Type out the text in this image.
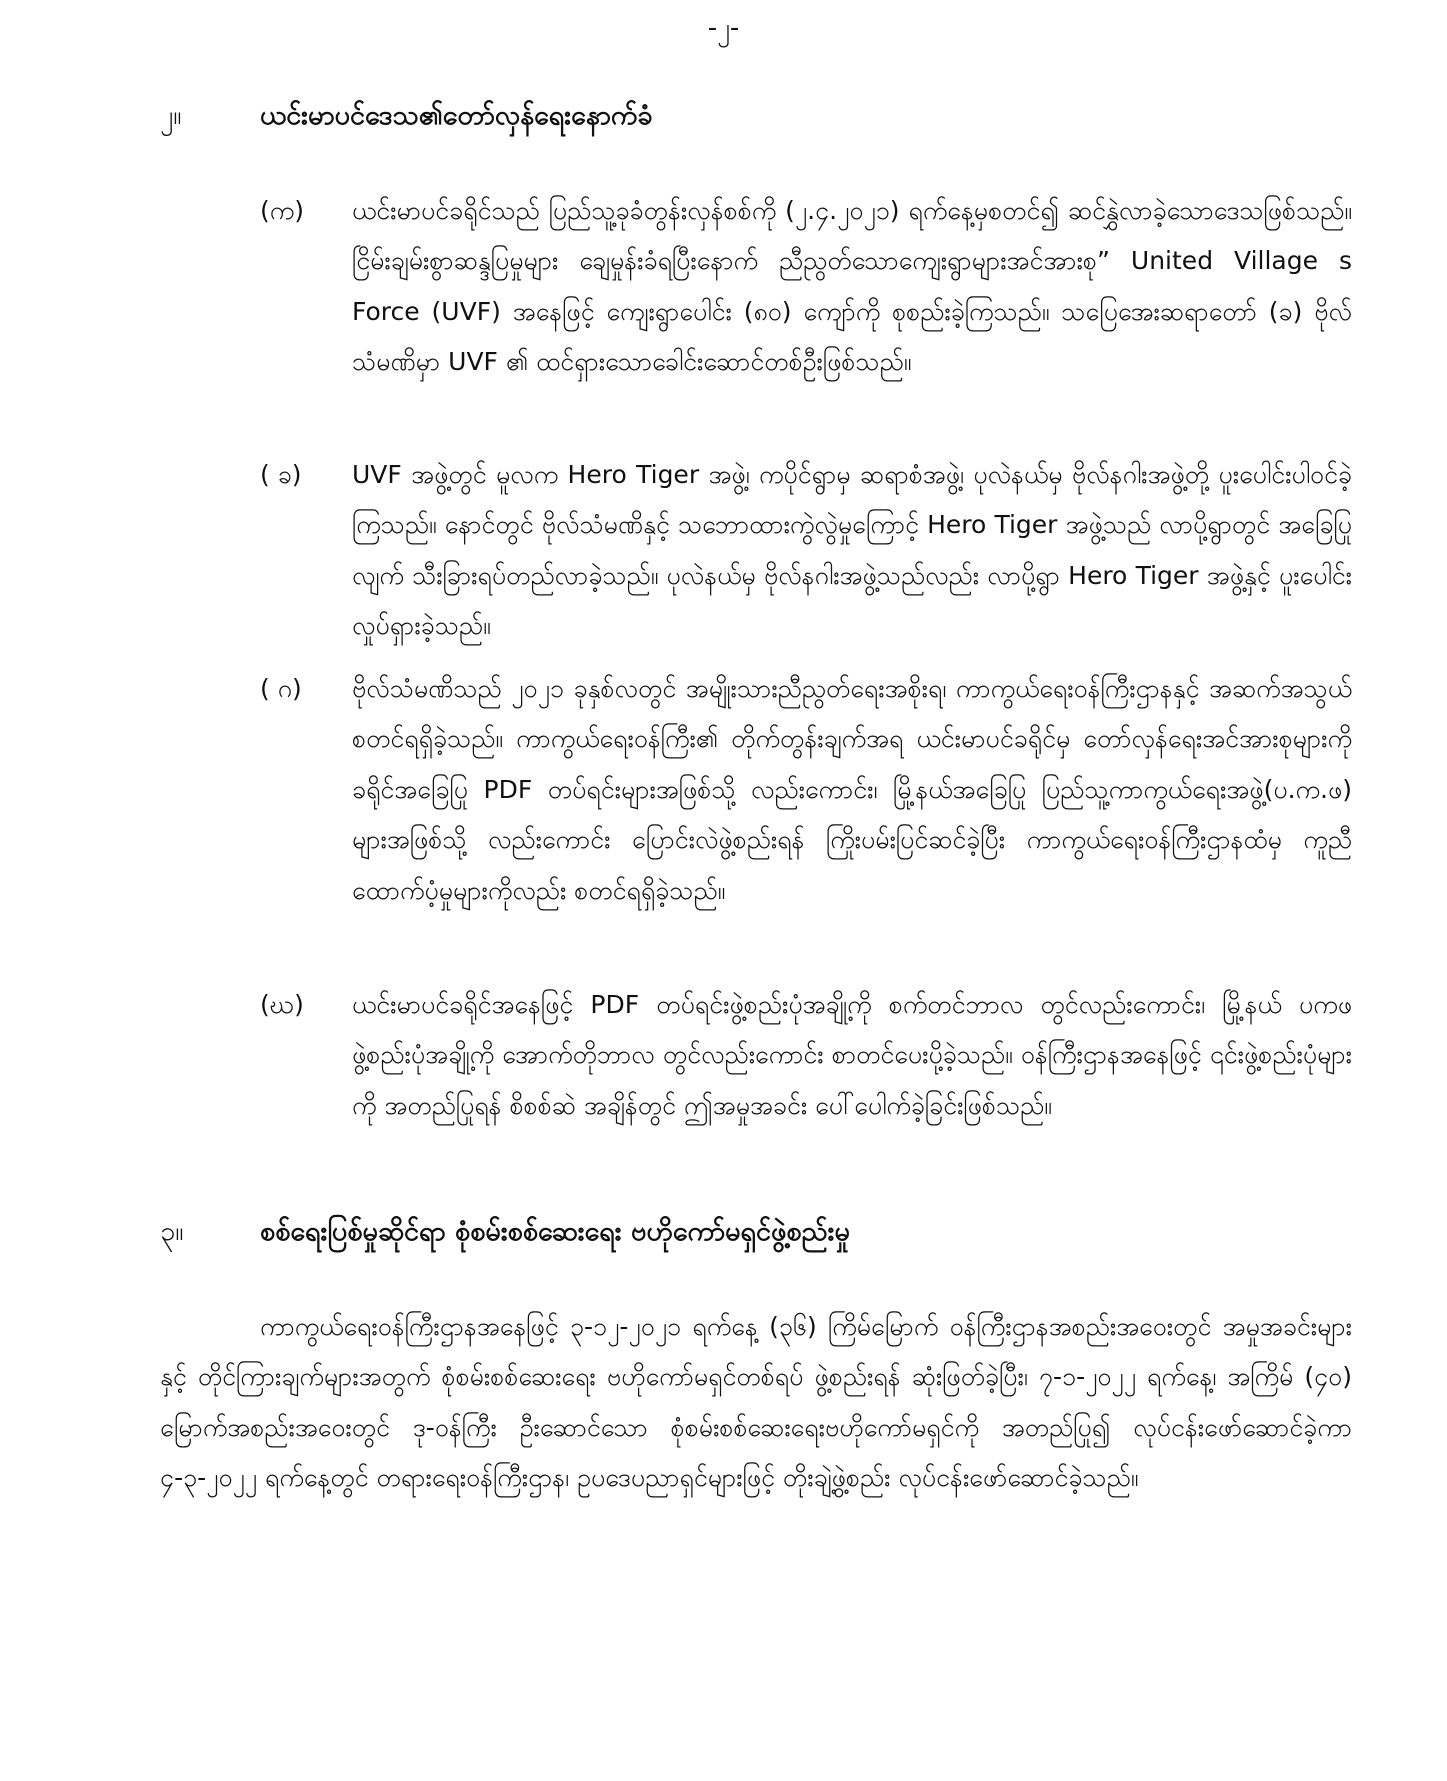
-၂-
၂။	ယင်းမာပင်ဒေသ၏တော်လှန်ရေးနောက်ခံ
(က)	ယင်းမာပင်ခရိုင်သည် ပြည်သူ့ခုခံတွန်းလှန်စစ်ကို (၂.၄.၂၀၂၁) ရက်နေ့မှစတင်၍ ဆင်နွှဲလာခဲ့သောဒေသဖြစ်သည်။ ငြိမ်းချမ်းစွာဆန္ဒပြမှုများ ချေမှုန်းခံရပြီးနောက် ညီညွတ်သောကျေးရွာများအင်အားစု” United Village s Force (UVF) အနေဖြင့် ကျေးရွာပေါင်း (၈၀) ကျော်ကို စုစည်းခဲ့ကြသည်။ သပြေအေးဆရာတော် (ခ) ဗိုလ်သံမဏိမှာ UVF ၏ ထင်ရှားသောခေါင်းဆောင်တစ်ဦးဖြစ်သည်။
( ခ)	UVF အဖွဲ့တွင် မူလက Hero Tiger အဖွဲ့၊ ကပိုင်ရွာမှ ဆရာစံအဖွဲ့၊ ပုလဲနယ်မှ ဗိုလ်နဂါးအဖွဲ့တို့ ပူးပေါင်းပါဝင်ခဲ့ကြသည်။ နောင်တွင် ဗိုလ်သံမဏိနှင့် သဘောထားကွဲလွဲမှုကြောင့် Hero Tiger အဖွဲ့သည် လာပို့ရွာတွင် အခြေပြုလျက် သီးခြားရပ်တည်လာခဲ့သည်။ ပုလဲနယ်မှ ဗိုလ်နဂါးအဖွဲ့သည်လည်း လာပို့ရွာ Hero Tiger အဖွဲ့နှင့် ပူးပေါင်းလှုပ်ရှားခဲ့သည်။
( ဂ)	ဗိုလ်သံမဏိသည် ၂၀၂၁ ခုနှစ်လတွင် အမျိုးသားညီညွတ်ရေးအစိုးရ၊ ကာကွယ်ရေးဝန်ကြီးဌာနနှင့် အဆက်အသွယ် စတင်ရရှိခဲ့သည်။ ကာကွယ်ရေးဝန်ကြီး၏ တိုက်တွန်းချက်အရ ယင်းမာပင်ခရိုင်မှ တော်လှန်ရေးအင်အားစုများကို ခရိုင်အခြေပြု PDF တပ်ရင်းများအဖြစ်သို့ လည်းကောင်း၊ မြို့နယ်အခြေပြု ပြည်သူ့ကာကွယ်ရေးအဖွဲ့(ပ.က.ဖ) များအဖြစ်သို့ လည်းကောင်း ပြောင်းလဲဖွဲ့စည်းရန် ကြိုးပမ်းပြင်ဆင်ခဲ့ပြီး ကာကွယ်ရေးဝန်ကြီးဌာနထံမှ ကူညီထောက်ပံ့မှုများကိုလည်း စတင်ရရှိခဲ့သည်။
(ဃ)	ယင်းမာပင်ခရိုင်အနေဖြင့် PDF တပ်ရင်းဖွဲ့စည်းပုံအချို့ကို စက်တင်ဘာလ တွင်လည်းကောင်း၊ မြို့နယ် ပကဖ ဖွဲ့စည်းပုံအချို့ကို အောက်တိုဘာလ တွင်လည်းကောင်း စာတင်ပေးပို့ခဲ့သည်။ ဝန်ကြီးဌာနအနေဖြင့် ၎င်းဖွဲ့စည်းပုံများကို အတည်ပြုရန် စိစစ်ဆဲ အချိန်တွင် ဤအမှုအခင်း ပေါ်ပေါက်ခဲ့ခြင်းဖြစ်သည်။
၃။	စစ်ရေးပြစ်မှုဆိုင်ရာ စုံစမ်းစစ်ဆေးရေး ဗဟိုကော်မရှင်ဖွဲ့စည်းမှု
ကာကွယ်ရေးဝန်ကြီးဌာနအနေဖြင့် ၃-၁၂-၂၀၂၁ ရက်နေ့ (၃၆) ကြိမ်မြောက် ဝန်ကြီးဌာနအစည်းအဝေးတွင် အမှုအခင်းများနှင့် တိုင်ကြားချက်များအတွက် စုံစမ်းစစ်ဆေးရေး ဗဟိုကော်မရှင်တစ်ရပ် ဖွဲ့စည်းရန် ဆုံးဖြတ်ခဲ့ပြီး၊ ၇-၁-၂၀၂၂ ရက်နေ့၊ အကြိမ် (၄၀) မြောက်အစည်းအဝေးတွင် ဒု-ဝန်ကြီး ဦးဆောင်သော စုံစမ်းစစ်ဆေးရေးဗဟိုကော်မရှင်ကို အတည်ပြု၍ လုပ်ငန်းဖော်ဆောင်ခဲ့ကာ ၄-၃-၂၀၂၂ ရက်နေ့တွင် တရားရေးဝန်ကြီးဌာန၊ ဥပဒေပညာရှင်များဖြင့် တိုးချဲ့ဖွဲ့စည်း လုပ်ငန်းဖော်ဆောင်ခဲ့သည်။
